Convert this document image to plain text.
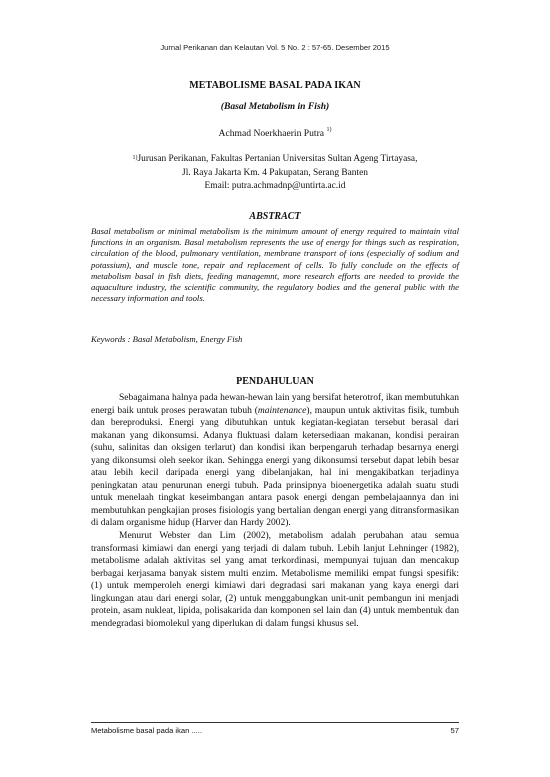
Jurnal Perikanan dan Kelautan Vol. 5 No. 2 : 57-65. Desember 2015
METABOLISME BASAL PADA IKAN
(Basal Metabolism in Fish)
Achmad Noerkhaerin Putra $^{1)}$
$^{1)}$Jurusan Perikanan, Fakultas Pertanian Universitas Sultan Ageng Tirtayasa,
Jl. Raya Jakarta Km. 4 Pakupatan, Serang Banten
Email: putra.achmadnp@untirta.ac.id
ABSTRACT
Basal metabolism or minimal metabolism is the minimum amount of energy required to maintain vital functions in an organism. Basal metabolism represents the use of energy for things such as respiration, circulation of the blood, pulmonary ventilation, membrane transport of ions (especially of sodium and potassium), and muscle tone, repair and replacement of cells. To fully conclude on the effects of metabolism basal in fish diets, feeding managemnt, more research efforts are needed to provide the aquaculture industry, the scientific community, the regulatory bodies and the general public with the necessary information and tools.
Keywords : Basal Metabolism, Energy Fish
PENDAHULUAN

Sebagaimana halnya pada hewan-hewan lain yang bersifat heterotrof, ikan membutuhkan energi baik untuk proses perawatan tubuh (maintenance), maupun untuk aktivitas fisik, tumbuh dan bereproduksi. Energi yang dibutuhkan untuk kegiatan-kegiatan tersebut berasal dari makanan yang dikonsumsi. Adanya fluktuasi dalam ketersediaan makanan, kondisi perairan (suhu, salinitas dan oksigen terlarut) dan kondisi ikan berpengaruh terhadap besarnya energi yang dikonsumsi oleh seekor ikan. Sehingga energi yang dikonsumsi tersebut dapat lebih besar atau lebih kecil daripada energi yang dibelanjakan, hal ini mengakibatkan terjadinya peningkatan atau penurunan energi tubuh. Pada prinsipnya bioenergetika adalah suatu studi untuk menelaah tingkat keseimbangan antara pasok energi dengan pembelajaannya dan ini membutuhkan pengkajian proses fisiologis yang bertalian dengan energi yang ditransformasikan di dalam organisme hidup (Harver dan Hardy 2002).

Menurut Webster dan Lim (2002), metabolism adalah perubahan atau semua transformasi kimiawi dan energi yang terjadi di dalam tubuh. Lebih lanjut Lehninger (1982), metabolisme adalah aktivitas sel yang amat terkordinasi, mempunyai tujuan dan mencakup berbagai kerjasama banyak sistem multi enzim. Metabolisme memiliki empat fungsi spesifik: (1) untuk memperoleh energi kimiawi dari degradasi sari makanan yang kaya energi dari lingkungan atau dari energi solar, (2) untuk menggabungkan unit-unit pembangun ini menjadi protein, asam nukleat, lipida, polisakarida dan komponen sel lain dan (4) untuk membentuk dan mendegradasi biomolekul yang diperlukan di dalam fungsi khusus sel.

Metabolisme basal pada ikan .....	57
